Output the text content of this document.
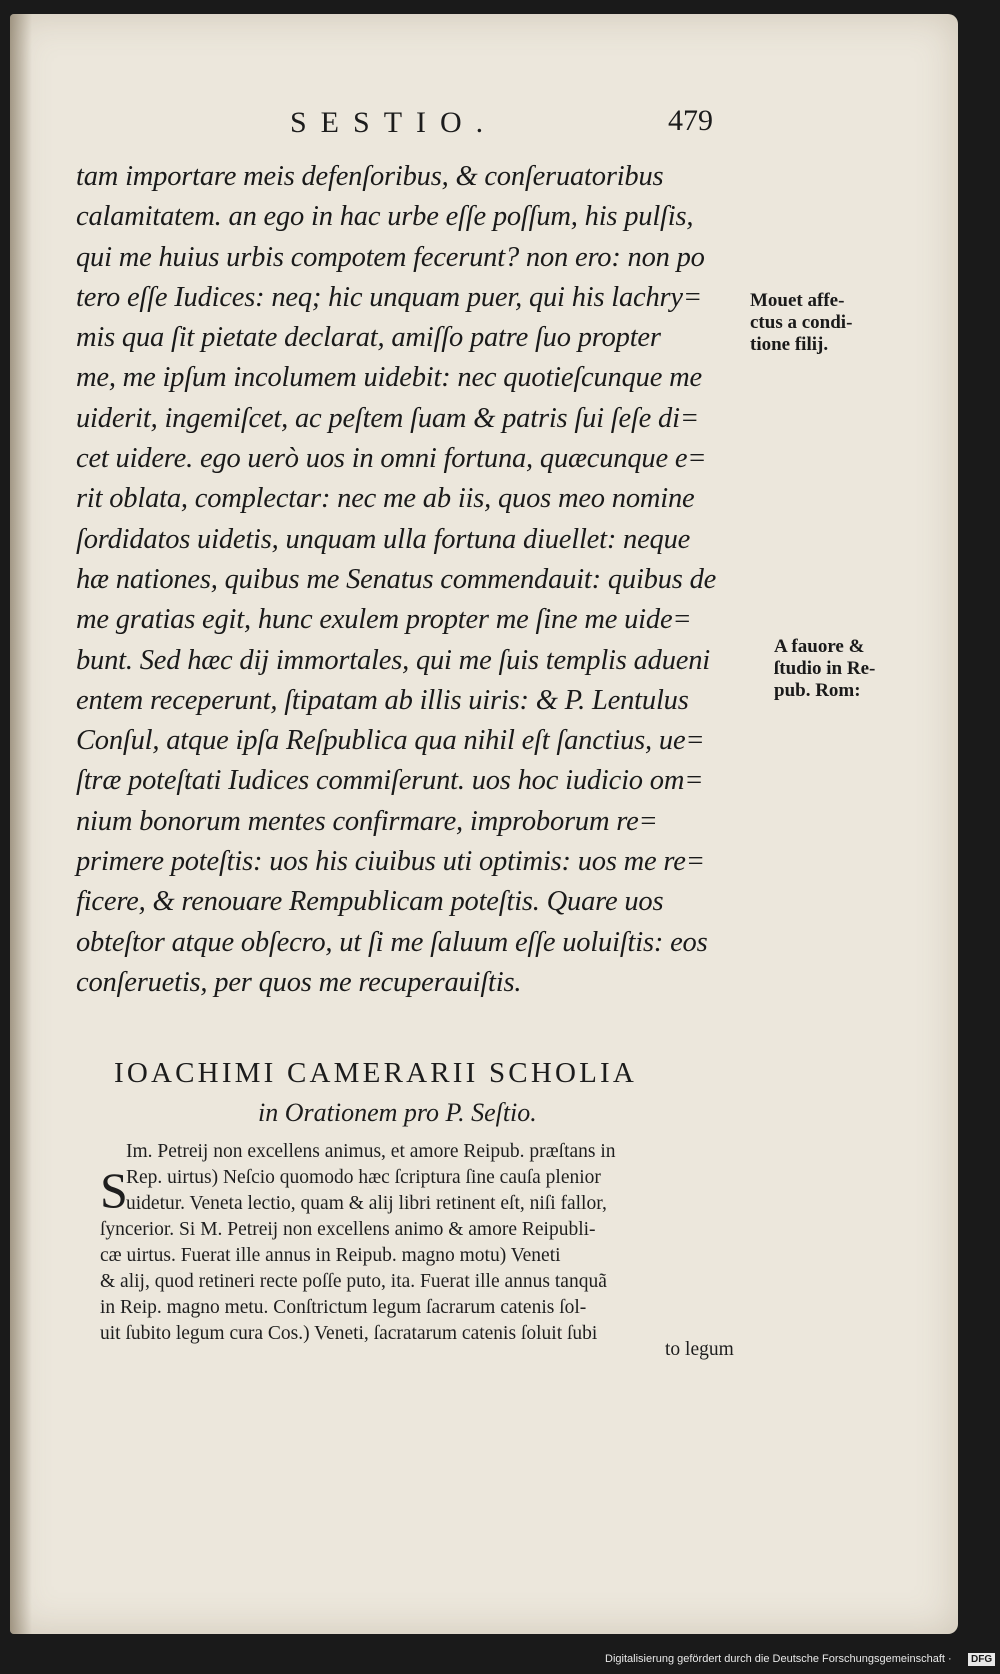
SESTIO.	479
tam importare meis defenſoribus, & conſeruatoribus
calamitatem. an ego in hac urbe eſſe poſſum, his pulſis,
qui me huius urbis compotem fecerunt? non ero: non po
tero eſſe Iudices: neq; hic unquam puer, qui his lachry=
mis qua ſit pietate declarat, amiſſo patre ſuo propter
me, me ipſum incolumem uidebit: nec quotieſcunque me
uiderit, ingemiſcet, ac peſtem ſuam & patris ſui ſeſe di=
cet uidere. ego uerò uos in omni fortuna, quæcunque e=
rit oblata, complectar: nec me ab iis, quos meo nomine
ſordidatos uidetis, unquam ulla fortuna diuellet: neque
hæ nationes, quibus me Senatus commendauit: quibus de
me gratias egit, hunc exulem propter me ſine me uide=
bunt. Sed hæc dij immortales, qui me ſuis templis adueni
entem receperunt, ſtipatam ab illis uiris: & P. Lentulus
Conſul, atque ipſa Reſpublica qua nihil eſt ſanctius, ue=
ſtræ poteſtati Iudices commiſerunt. uos hoc iudicio om=
nium bonorum mentes confirmare, improborum re=
primere poteſtis: uos his ciuibus uti optimis: uos me re=
ficere, & renouare Rempublicam poteſtis. Quare uos
obteſtor atque obſecro, ut ſi me ſaluum eſſe uoluiſtis: eos
conſeruetis, per quos me recuperauiſtis.
Mouet affe-
ctus a condi-
tione filij.
A fauore &
ſtudio in Re-
pub. Rom:
IOACHIMI CAMERARII SCHOLIA
in Orationem pro P. Seſtio.
S
Im. Petreij non excellens animus, et amore Reipub. præſtans in
Rep. uirtus) Neſcio quomodo hæc ſcriptura ſine cauſa plenior
uidetur. Veneta lectio, quam & alij libri retinent eſt, niſi fallor,
ſyncerior. Si M. Petreij non excellens animo & amore Reipubli-
cæ uirtus. Fuerat ille annus in Reipub. magno motu) Veneti
& alij, quod retineri recte poſſe puto, ita. Fuerat ille annus tanquã
in Reip. magno metu. Conſtrictum legum ſacrarum catenis ſol-
uit ſubito legum cura Cos.) Veneti, ſacratarum catenis ſoluit ſubi
to legum
Digitalisierung gefördert durch die Deutsche Forschungsgemeinschaft ·	DFG
